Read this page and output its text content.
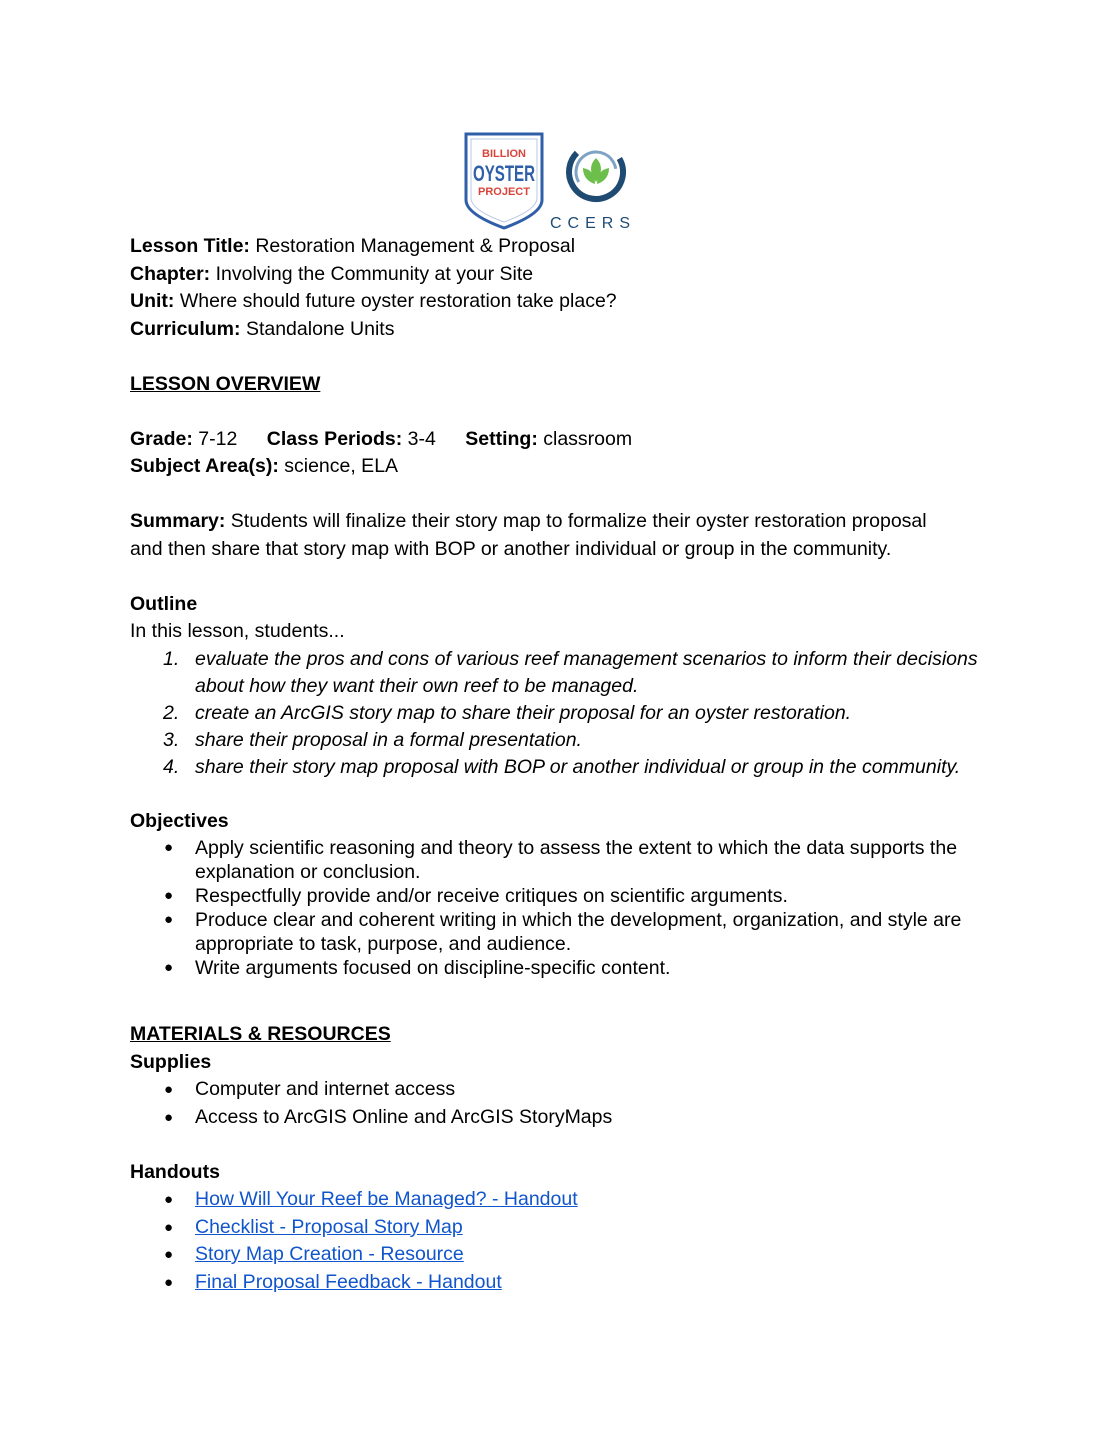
BILLION
OYSTER
PROJECT
CCERS
Lesson Title: Restoration Management & Proposal
Chapter: Involving the Community at your Site
Unit: Where should future oyster restoration take place?
Curriculum: Standalone Units
LESSON OVERVIEW
Grade: 7-12 Class Periods: 3-4 Setting: classroom
Subject Area(s): science, ELA
Summary: Students will finalize their story map to formalize their oyster restoration proposal
and then share that story map with BOP or another individual or group in the community.
Outline
In this lesson, students...
1. evaluate the pros and cons of various reef management scenarios to inform their decisions
about how they want their own reef to be managed.
2. create an ArcGIS story map to share their proposal for an oyster restoration.
3. share their proposal in a formal presentation.
4. share their story map proposal with BOP or another individual or group in the community.
Objectives
● Apply scientific reasoning and theory to assess the extent to which the data supports the
explanation or conclusion.
● Respectfully provide and/or receive critiques on scientific arguments.
● Produce clear and coherent writing in which the development, organization, and style are
appropriate to task, purpose, and audience.
● Write arguments focused on discipline-specific content.
MATERIALS & RESOURCES
Supplies
● Computer and internet access
● Access to ArcGIS Online and ArcGIS StoryMaps
Handouts
● How Will Your Reef be Managed? - Handout
● Checklist - Proposal Story Map
● Story Map Creation - Resource
● Final Proposal Feedback - Handout
